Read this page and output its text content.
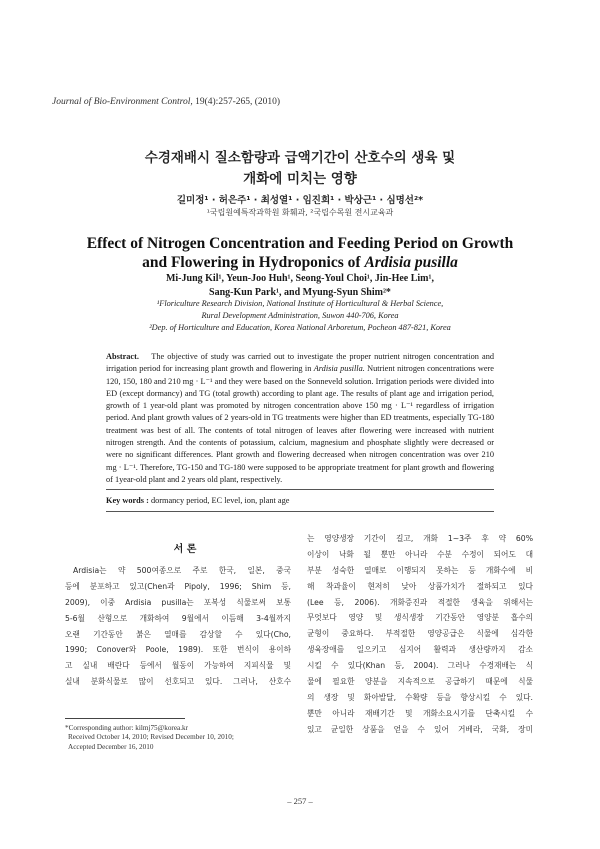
Journal of Bio-Environment Control, 19(4):257-265, (2010)
수경재배시 질소함량과 급액기간이 산호수의 생육 및
개화에 미치는 영향
길미정¹ · 허은주¹ · 최성열¹ · 임진희¹ · 박상근¹ · 심명선²*
¹국립원예특작과학원 화훼과, ²국립수목원 전시교육과
Effect of Nitrogen Concentration and Feeding Period on Growth
and Flowering in Hydroponics of Ardisia pusilla
Mi-Jung Kil¹, Yeun-Joo Huh¹, Seong-Youl Choi¹, Jin-Hee Lim¹,
Sang-Kun Park¹, and Myung-Syun Shim²*
¹Floriculture Research Division, National Institute of Horticultural & Herbal Science,
Rural Development Administration, Suwon 440-706, Korea
²Dep. of Horticulture and Education, Korea National Arboretum, Pocheon 487-821, Korea
Abstract. The objective of study was carried out to investigate the proper nutrient nitrogen concentration and irrigation period for increasing plant growth and flowering in Ardisia pusilla. Nutrient nitrogen concentrations were 120, 150, 180 and 210 mg · L⁻¹ and they were based on the Sonneveld solution. Irrigation periods were divided into ED (except dormancy) and TG (total growth) according to plant age. The results of plant age and irrigation period, growth of 1 year-old plant was promoted by nitrogen concentration above 150 mg · L⁻¹ regardless of irrigation period. And plant growth values of 2 years-old in TG treatments were higher than ED treatments, especially TG-180 treatment was best of all. The contents of total nitrogen of leaves after flowering were increased with nutrient nitrogen strength. And the contents of potassium, calcium, magnesium and phosphate slightly were decreased or were no significant differences. Plant growth and flowering decreased when nitrogen concentration was over 210 mg · L⁻¹. Therefore, TG-150 and TG-180 were supposed to be appropriate treatment for plant growth and flowering of 1year-old plant and 2 years old plant, respectively.
Key words : dormancy period, EC level, ion, plant age
서 론
Ardisia는 약 500여종으로 주로 한국, 일본, 중국
등에 분포하고 있고(Chen과 Pipoly, 1996; Shim 등,
2009), 이중 Ardisia pusilla는 포복성 식물로써 보통
5-6월 산형으로 개화하여 9월에서 이듬해 3-4월까지
오랜 기간동안 붉은 열매를 감상할 수 있다(Cho,
1990; Conover와 Poole, 1989). 또한 번식이 용이하
고 실내 배란다 등에서 월동이 가능하여 지피식물 및
실내 분화식물로 많이 선호되고 있다. 그러나, 산호수
는 영양생장 기간이 길고, 개화 1~3주 후 약 60%
이상이 낙화 될 뿐만 아니라 수분 수정이 되어도 대
부분 성숙한 열매로 이행되지 못하는 등 개화수에 비
해 착과율이 현저히 낮아 상품가치가 절하되고 있다
(Lee 등, 2006). 개화증진과 적절한 생육을 위해서는
무엇보다 영양 및 생식생장 기간동안 영양분 흡수의
균형이 중요하다. 부적절한 영양공급은 식물에 심각한
생육장애를 일으키고 심지어 활력과 생산량까지 감소
시킬 수 있다(Khan 등, 2004). 그러나 수경재배는 식
물에 필요한 양분을 지속적으로 공급하기 때문에 식물
의 생장 및 화아발달, 수확량 등을 향상시킬 수 있다.
뿐만 아니라 재배기간 및 개화소요시기를 단축시킬 수
있고 균일한 상품을 얻을 수 있어 거베라, 국화, 장미
*Corresponding author: kilmj75@korea.kr
Received October 14, 2010; Revised December 10, 2010;
Accepted December 16, 2010
– 257 –
